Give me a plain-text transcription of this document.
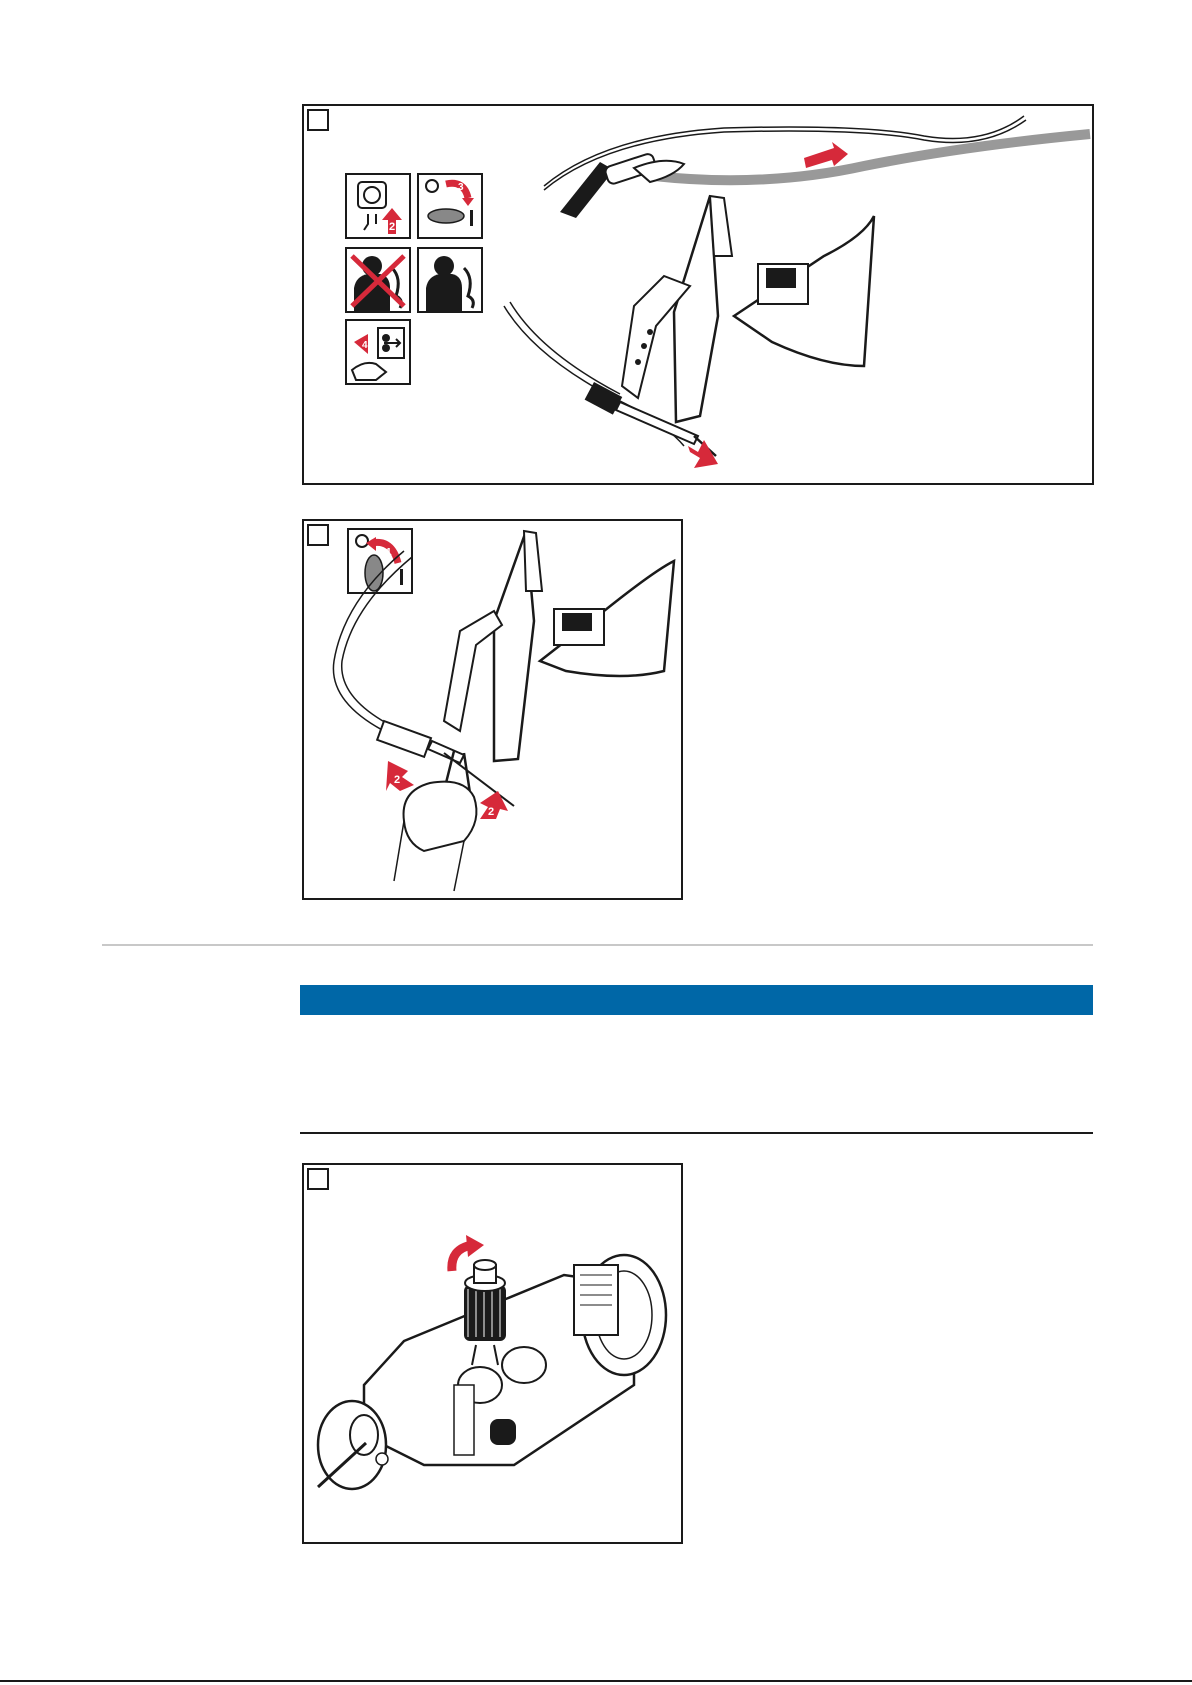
2
3
4
1
2
2
